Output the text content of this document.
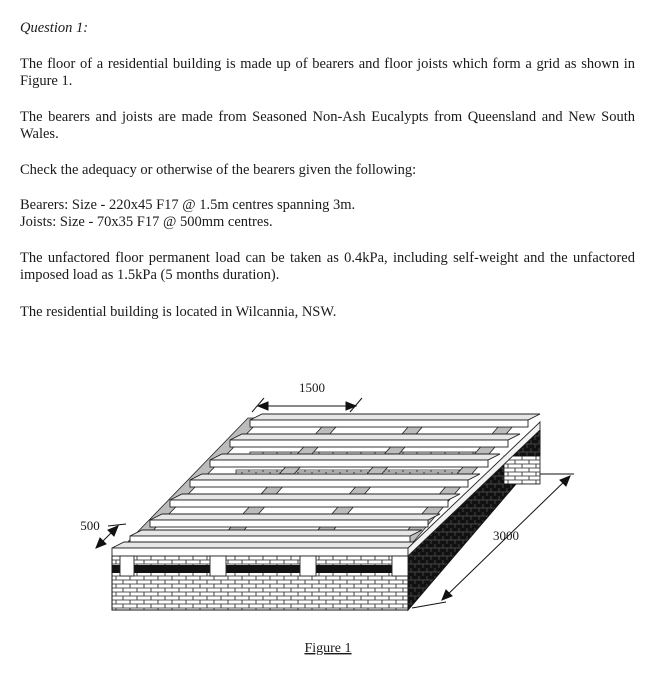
Question 1:

The floor of a residential building is made up of bearers and floor joists which form a grid as shown in Figure 1.

The bearers and joists are made from Seasoned Non-Ash Eucalypts from Queensland and New South Wales.

Check the adequacy or otherwise of the bearers given the following:

Bearers: Size - 220x45 F17 @ 1.5m centres spanning 3m.
Joists: Size - 70x35 F17 @ 500mm centres.

The unfactored floor permanent load can be taken as 0.4kPa, including self-weight and the unfactored imposed load as 1.5kPa (5 months duration).

The residential building is located in Wilcannia, NSW.

1500
500
3000
Figure 1
